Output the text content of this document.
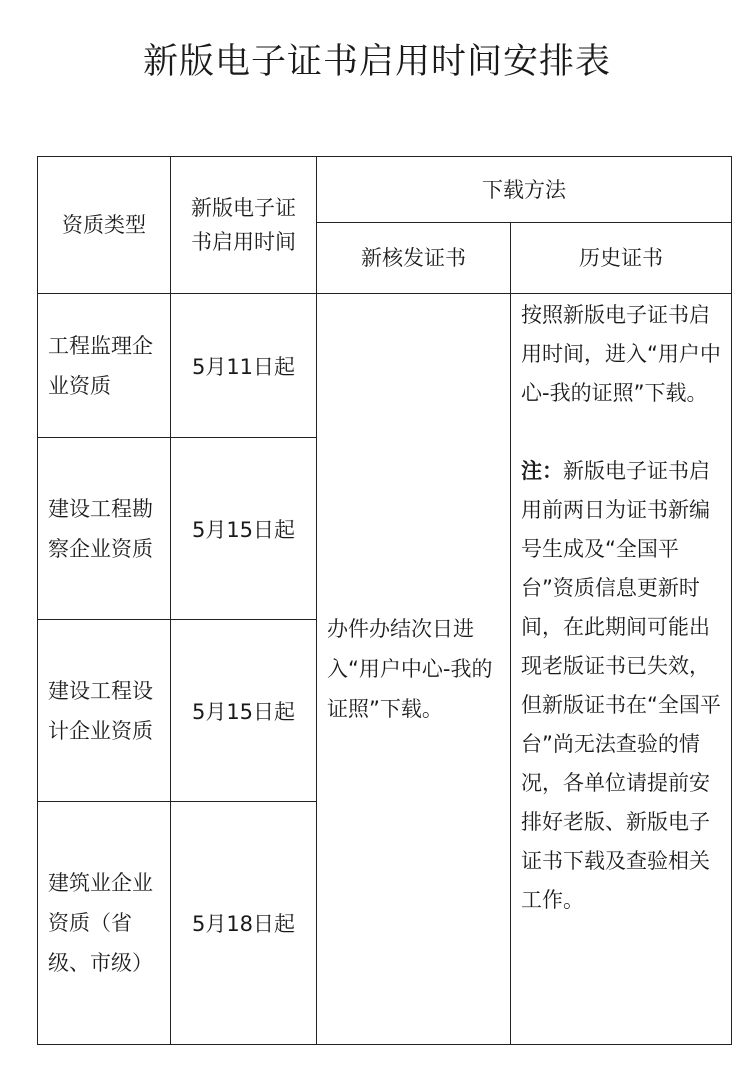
新版电子证书启用时间安排表
资质类型	新版电子证书启用时间	下载方法	
		新核发证书	历史证书
工程监理企业资质	5月11日起	办件办结次日进入“用户中心-我的证照”下载。	按照新版电子证书启用时间，进入“用户中心-我的证照”下载。

注：新版电子证书启用前两日为证书新编号生成及“全国平台”资质信息更新时间，在此期间可能出现老版证书已失效，但新版证书在“全国平台”尚无法查验的情况，各单位请提前安排好老版、新版电子证书下载及查验相关工作。

建设工程勘察企业资质	5月15日起		
建设工程设计企业资质	5月15日起		
建筑业企业资质（省级、市级）	5月18日起		
